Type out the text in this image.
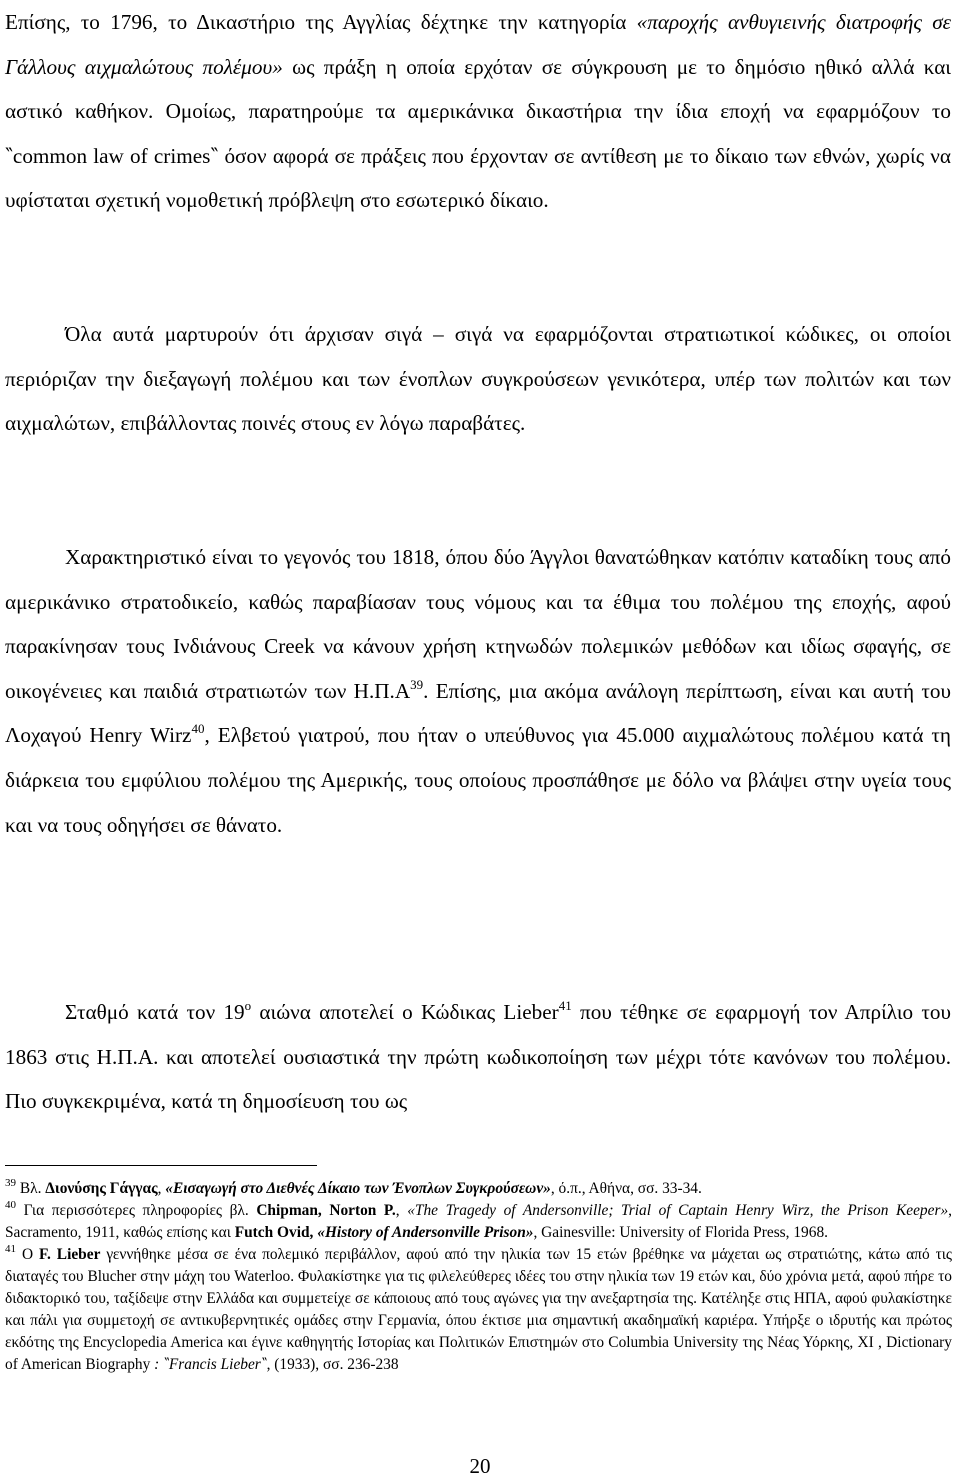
Επίσης, το 1796, το Δικαστήριο της Αγγλίας δέχτηκε την κατηγορία «παροχής ανθυγιεινής διατροφής σε Γάλλους αιχμαλώτους πολέμου» ως πράξη η οποία ερχόταν σε σύγκρουση με το δημόσιο ηθικό αλλά και αστικό καθήκον. Ομοίως, παρατηρούμε τα αμερικάνικα δικαστήρια την ίδια εποχή να εφαρμόζουν το ‶common law of crimes‶ όσον αφορά σε πράξεις που έρχονταν σε αντίθεση με το δίκαιο των εθνών, χωρίς να υφίσταται σχετική νομοθετική πρόβλεψη στο εσωτερικό δίκαιο.

Όλα αυτά μαρτυρούν ότι άρχισαν σιγά – σιγά να εφαρμόζονται στρατιωτικοί κώδικες, οι οποίοι περιόριζαν την διεξαγωγή πολέμου και των ένοπλων συγκρούσεων γενικότερα, υπέρ των πολιτών και των αιχμαλώτων, επιβάλλοντας ποινές στους εν λόγω παραβάτες.

Χαρακτηριστικό είναι το γεγονός του 1818, όπου δύο Άγγλοι θανατώθηκαν κατόπιν καταδίκη τους από αμερικάνικο στρατοδικείο, καθώς παραβίασαν τους νόμους και τα έθιμα του πολέμου της εποχής, αφού παρακίνησαν τους Ινδιάνους Creek να κάνουν χρήση κτηνωδών πολεμικών μεθόδων και ιδίως σφαγής, σε οικογένειες και παιδιά στρατιωτών των $H.\Pi.A^{39}$. Επίσης, μια ακόμα ανάλογη περίπτωση, είναι και αυτή του Λοχαγού Henry Wirz$^{40}$, Ελβετού γιατρού, που ήταν ο υπεύθυνος για 45.000 αιχμαλώτους πολέμου κατά τη διάρκεια του εμφύλιου πολέμου της Αμερικής, τους οποίους προσπάθησε με δόλο να βλάψει στην υγεία τους και να τους οδηγήσει σε θάνατο.

Σταθμό κατά τον $19^o$ αιώνα αποτελεί ο Κώδικας Lieber$^{41}$ που τέθηκε σε εφαρμογή τον Απρίλιο του 1863 στις Η.Π.Α. και αποτελεί ουσιαστικά την πρώτη κωδικοποίηση των μέχρι τότε κανόνων του πολέμου. Πιο συγκεκριμένα, κατά τη δημοσίευση του ως

$^{39}$ Βλ. Διονύσης Γάγγας, «Εισαγωγή στο Διεθνές Δίκαιο των Ένοπλων Συγκρούσεων», ό.π., Αθήνα, σσ. 33-34.

$^{40}$ Για περισσότερες πληροφορίες βλ. Chipman, Norton P., «The Tragedy of Andersonville; Trial of Captain Henry Wirz, the Prison Keeper», Sacramento, 1911, καθώς επίσης και Futch Ovid, «History of Andersonville Prison», Gainesville: University of Florida Press, 1968.

$^{41}$ Ο F. Lieber γεννήθηκε μέσα σε ένα πολεμικό περιβάλλον, αφού από την ηλικία των 15 ετών βρέθηκε να μάχεται ως στρατιώτης, κάτω από τις διαταγές του Blucher στην μάχη του Waterloo. Φυλακίστηκε για τις φιλελεύθερες ιδέες του στην ηλικία των 19 ετών και, δύο χρόνια μετά, αφού πήρε το διδακτορικό του, ταξίδεψε στην Ελλάδα και συμμετείχε σε κάποιους από τους αγώνες για την ανεξαρτησία της. Κατέληξε στις ΗΠΑ, αφού φυλακίστηκε και πάλι για συμμετοχή σε αντικυβερνητικές ομάδες στην Γερμανία, όπου έκτισε μια σημαντική ακαδημαϊκή καριέρα. Υπήρξε ο ιδρυτής και πρώτος εκδότης της Encyclopedia America και έγινε καθηγητής Ιστορίας και Πολιτικών Επιστημών στο Columbia University της Νέας Υόρκης, XI , Dictionary of American Biography : ‶Francis Lieber‶, (1933), σσ. 236-238

20
